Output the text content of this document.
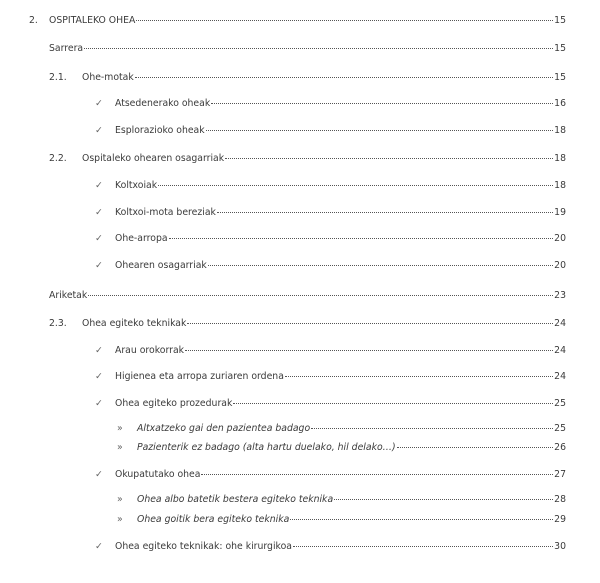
2.	OSPITALEKO OHEA	15
Sarrera	15
2.1.	Ohe-motak	15
✓	Atsedenerako oheak	16
✓	Esplorazioko oheak	18
2.2.	Ospitaleko ohearen osagarriak	18
✓	Koltxoiak	18
✓	Koltxoi-mota bereziak	19
✓	Ohe-arropa	20
✓	Ohearen osagarriak	20
Ariketak	23
2.3.	Ohea egiteko teknikak	24
✓	Arau orokorrak	24
✓	Higienea eta arropa zuriaren ordena	24
✓	Ohea egiteko prozedurak	25
»	Altxatzeko gai den pazientea badago	25
»	Pazienterik ez badago (alta hartu duelako, hil delako…)	26
✓	Okupatutako ohea	27
»	Ohea albo batetik bestera egiteko teknika	28
»	Ohea goitik bera egiteko teknika	29
✓	Ohea egiteko teknikak: ohe kirurgikoa	30
